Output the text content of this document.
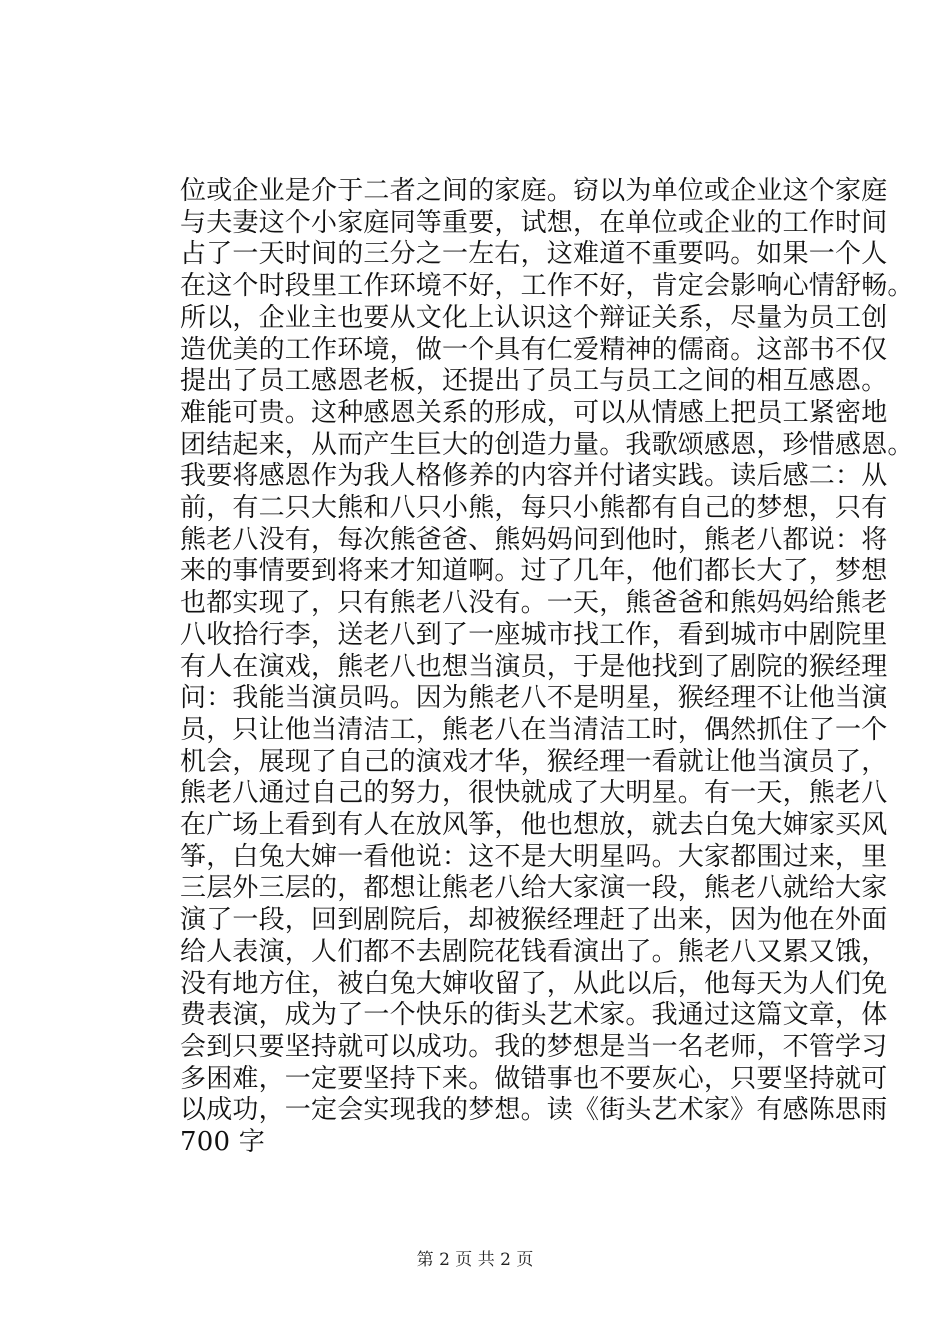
位或企业是介于二者之间的家庭。窃以为单位或企业这个家庭
与夫妻这个小家庭同等重要，试想，在单位或企业的工作时间
占了一天时间的三分之一左右，这难道不重要吗。如果一个人
在这个时段里工作环境不好，工作不好，肯定会影响心情舒畅。
所以，企业主也要从文化上认识这个辩证关系，尽量为员工创
造优美的工作环境，做一个具有仁爱精神的儒商。这部书不仅
提出了员工感恩老板，还提出了员工与员工之间的相互感恩。
难能可贵。这种感恩关系的形成，可以从情感上把员工紧密地
团结起来，从而产生巨大的创造力量。我歌颂感恩，珍惜感恩。
我要将感恩作为我人格修养的内容并付诸实践。读后感二：从
前，有二只大熊和八只小熊，每只小熊都有自己的梦想，只有
熊老八没有，每次熊爸爸、熊妈妈问到他时，熊老八都说：将
来的事情要到将来才知道啊。过了几年，他们都长大了，梦想
也都实现了，只有熊老八没有。一天，熊爸爸和熊妈妈给熊老
八收拾行李，送老八到了一座城市找工作，看到城市中剧院里
有人在演戏，熊老八也想当演员，于是他找到了剧院的猴经理
问：我能当演员吗。因为熊老八不是明星，猴经理不让他当演
员，只让他当清洁工，熊老八在当清洁工时，偶然抓住了一个
机会，展现了自己的演戏才华，猴经理一看就让他当演员了，
熊老八通过自己的努力，很快就成了大明星。有一天，熊老八
在广场上看到有人在放风筝，他也想放，就去白兔大婶家买风
筝，白兔大婶一看他说：这不是大明星吗。大家都围过来，里
三层外三层的，都想让熊老八给大家演一段，熊老八就给大家
演了一段，回到剧院后，却被猴经理赶了出来，因为他在外面
给人表演，人们都不去剧院花钱看演出了。熊老八又累又饿，
没有地方住，被白兔大婶收留了，从此以后，他每天为人们免
费表演，成为了一个快乐的街头艺术家。我通过这篇文章，体
会到只要坚持就可以成功。我的梦想是当一名老师，不管学习
多困难，一定要坚持下来。做错事也不要灰心，只要坚持就可
以成功，一定会实现我的梦想。读《街头艺术家》有感陈思雨
700 字
第 2 页 共 2 页
